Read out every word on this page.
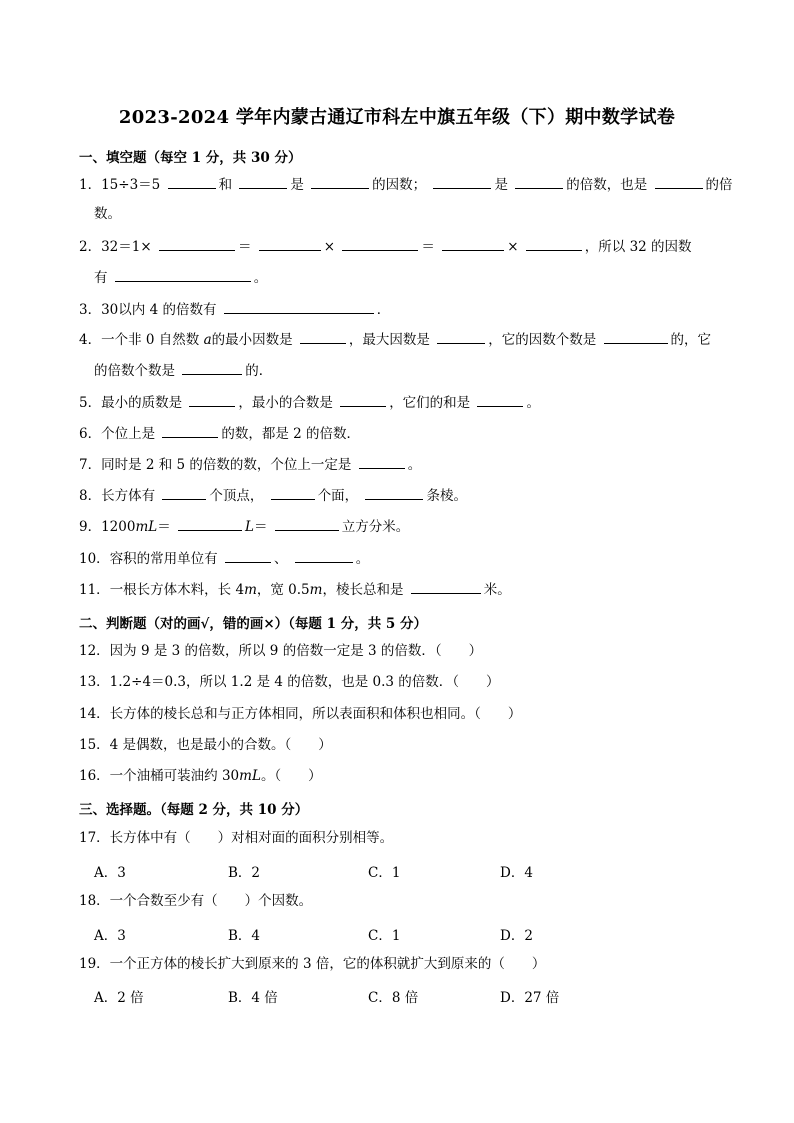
2023-2024 学年内蒙古通辽市科左中旗五年级（下）期中数学试卷
一、填空题（每空 1 分，共 30 分）
1．15÷3＝5	和	是	的因数；	是	的倍数，也是	的倍
数。
2．32＝1×	＝	×	＝	×	，所以 32 的因数
有	。
3．30以内 4 的倍数有	．
4．一个非 0 自然数 a的最小因数是	，最大因数是	，它的因数个数是	的，它
的倍数个数是	的．
5．最小的质数是	，最小的合数是	，它们的和是	。
6．个位上是	的数，都是 2 的倍数．
7．同时是 2 和 5 的倍数的数，个位上一定是	。
8．长方体有	个顶点，	个面，	条棱。
9．1200mL＝	L＝	立方分米。
10．容积的常用单位有	、	。
11．一根长方体木料，长 4m，宽 0.5m，棱长总和是	米。
二、判断题（对的画√，错的画×）（每题 1 分，共 5 分）
12．因为 9 是 3 的倍数，所以 9 的倍数一定是 3 的倍数．（　　）
13．1.2÷4＝0.3，所以 1.2 是 4 的倍数，也是 0.3 的倍数．（　　）
14．长方体的棱长总和与正方体相同，所以表面积和体积也相同。（　　）
15．4 是偶数，也是最小的合数。（　　）
16．一个油桶可装油约 30mL。（　　）
三、选择题。（每题 2 分，共 10 分）
17．长方体中有（　　）对相对面的面积分别相等。
A．3	B．2	C．1	D．4
18．一个合数至少有（　　）个因数。
A．3	B．4	C．1	D．2
19．一个正方体的棱长扩大到原来的 3 倍，它的体积就扩大到原来的（　　）
A．2 倍	B．4 倍	C．8 倍	D．27 倍
